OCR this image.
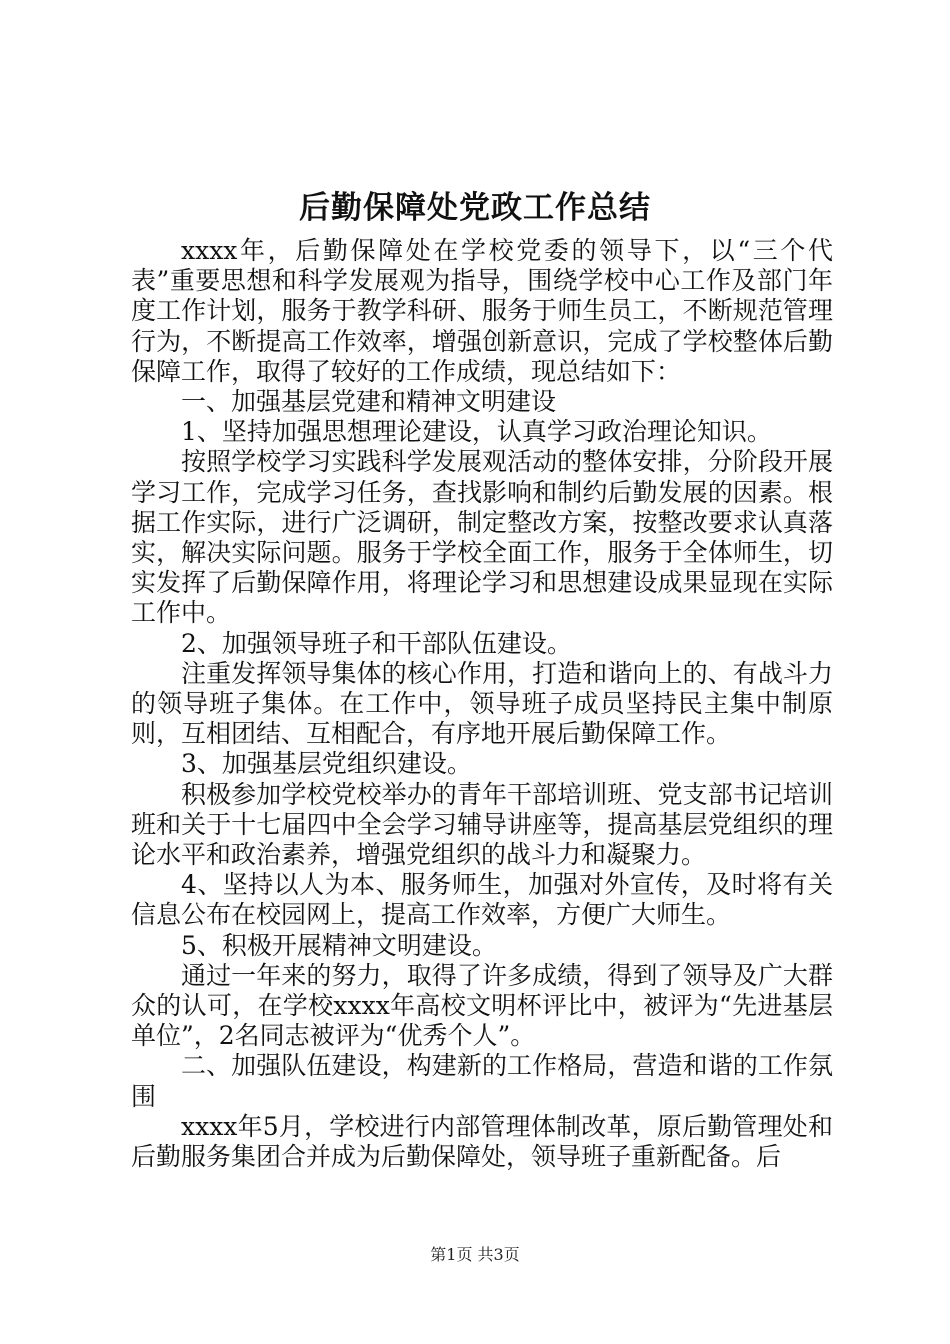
后勤保障处党政工作总结

xxxx年，后勤保障处在学校党委的领导下，以“三个代表”重要思想和科学发展观为指导，围绕学校中心工作及部门年度工作计划，服务于教学科研、服务于师生员工，不断规范管理行为，不断提高工作效率，增强创新意识，完成了学校整体后勤保障工作，取得了较好的工作成绩，现总结如下：

一、加强基层党建和精神文明建设

1、坚持加强思想理论建设，认真学习政治理论知识。

按照学校学习实践科学发展观活动的整体安排，分阶段开展学习工作，完成学习任务，查找影响和制约后勤发展的因素。根据工作实际，进行广泛调研，制定整改方案，按整改要求认真落实，解决实际问题。服务于学校全面工作，服务于全体师生，切实发挥了后勤保障作用，将理论学习和思想建设成果显现在实际工作中。

2、加强领导班子和干部队伍建设。

注重发挥领导集体的核心作用，打造和谐向上的、有战斗力的领导班子集体。在工作中，领导班子成员坚持民主集中制原则，互相团结、互相配合，有序地开展后勤保障工作。

3、加强基层党组织建设。

积极参加学校党校举办的青年干部培训班、党支部书记培训班和关于十七届四中全会学习辅导讲座等，提高基层党组织的理论水平和政治素养，增强党组织的战斗力和凝聚力。

4、坚持以人为本、服务师生，加强对外宣传，及时将有关信息公布在校园网上，提高工作效率，方便广大师生。

5、积极开展精神文明建设。

通过一年来的努力，取得了许多成绩，得到了领导及广大群众的认可，在学校xxxx年高校文明杯评比中，被评为“先进基层单位”，2名同志被评为“优秀个人”。

二、加强队伍建设，构建新的工作格局，营造和谐的工作氛围

xxxx年5月，学校进行内部管理体制改革，原后勤管理处和后勤服务集团合并成为后勤保障处，领导班子重新配备。后

第1页 共3页
